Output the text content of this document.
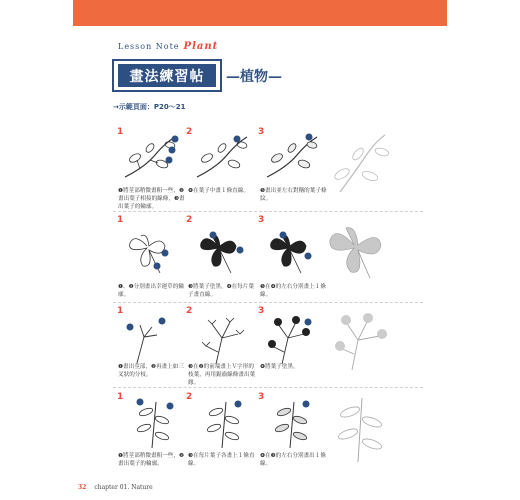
Lesson Note Plant
畫法練習帖	—植物—
→示範頁面：P20～21
1	2	3
❶將莖部稍微畫粗一些，❷畫出葉子相接的線條，❸畫出葉子的輪廓。
❹在葉子中畫１條直線。	❺畫出並左右對稱的葉子條紋。
1	2	3
❶、❷分別畫出幸運草的輪廓。
❸將葉子塗黑，❹在每片葉子畫直線。
❺在❹的左右分別畫上１條線。
1	2	3
❶畫出莖部，❷再畫上如三叉狀的分枝。
❸在❷的前端畫上Ｖ字形的枝葉，再用鋸齒線條畫出葉緣。
❹將葉子塗黑。
1	2	3
❶將莖部稍微畫粗一些，❷畫出葉子的輪廓。
❸在每片葉子各畫上１條直線。
❹在❸的左右分別畫出１條線。
32 chapter 01. Nature
